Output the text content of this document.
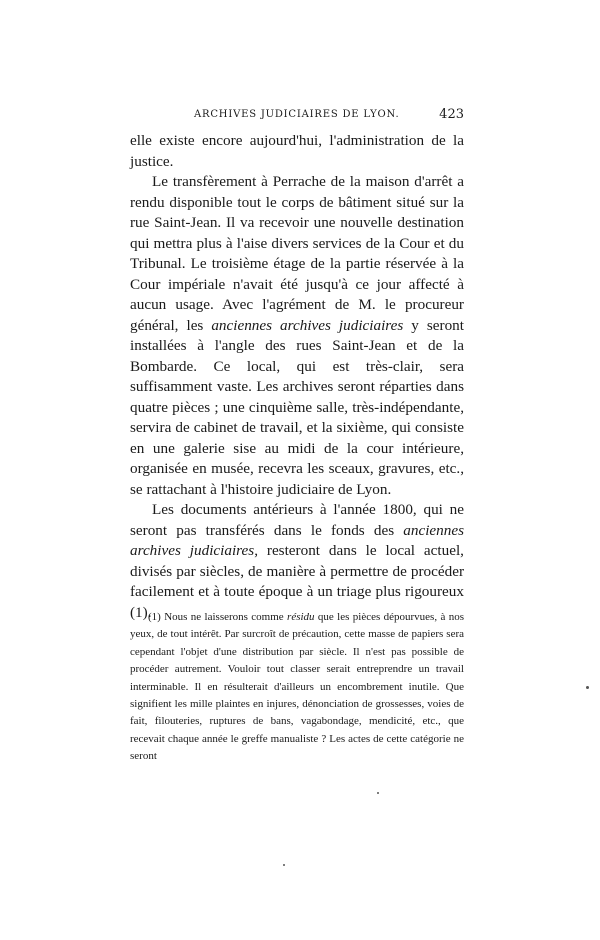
ARCHIVES JUDICIAIRES DE LYON.	423

elle existe encore aujourd'hui, l'administration de la justice.

Le transfèrement à Perrache de la maison d'arrêt a rendu disponible tout le corps de bâtiment situé sur la rue Saint-Jean. Il va recevoir une nouvelle destination qui mettra plus à l'aise divers services de la Cour et du Tribunal. Le troisième étage de la partie réservée à la Cour impériale n'avait été jusqu'à ce jour affecté à aucun usage. Avec l'agrément de M. le procureur général, les anciennes archives judiciaires y seront installées à l'angle des rues Saint-Jean et de la Bombarde. Ce local, qui est très-clair, sera suffisamment vaste. Les archives seront réparties dans quatre pièces ; une cinquième salle, très-indépendante, servira de cabinet de travail, et la sixième, qui consiste en une galerie sise au midi de la cour intérieure, organisée en musée, recevra les sceaux, gravures, etc., se rattachant à l'histoire judiciaire de Lyon.

Les documents antérieurs à l'année 1800, qui ne seront pas transférés dans le fonds des anciennes archives judiciaires, resteront dans le local actuel, divisés par siècles, de manière à permettre de procéder facilement et à toute époque à un triage plus rigoureux (1).

(1) Nous ne laisserons comme résidu que les pièces dépourvues, à nos yeux, de tout intérêt. Par surcroît de précaution, cette masse de papiers sera cependant l'objet d'une distribution par siècle. Il n'est pas possible de procéder autrement. Vouloir tout classer serait entreprendre un travail interminable. Il en résulterait d'ailleurs un encombrement inutile. Que signifient les mille plaintes en injures, dénonciation de grossesses, voies de fait, filouteries, ruptures de bans, vagabondage, mendicité, etc., que recevait chaque année le greffe manualiste ? Les actes de cette catégorie ne seront
